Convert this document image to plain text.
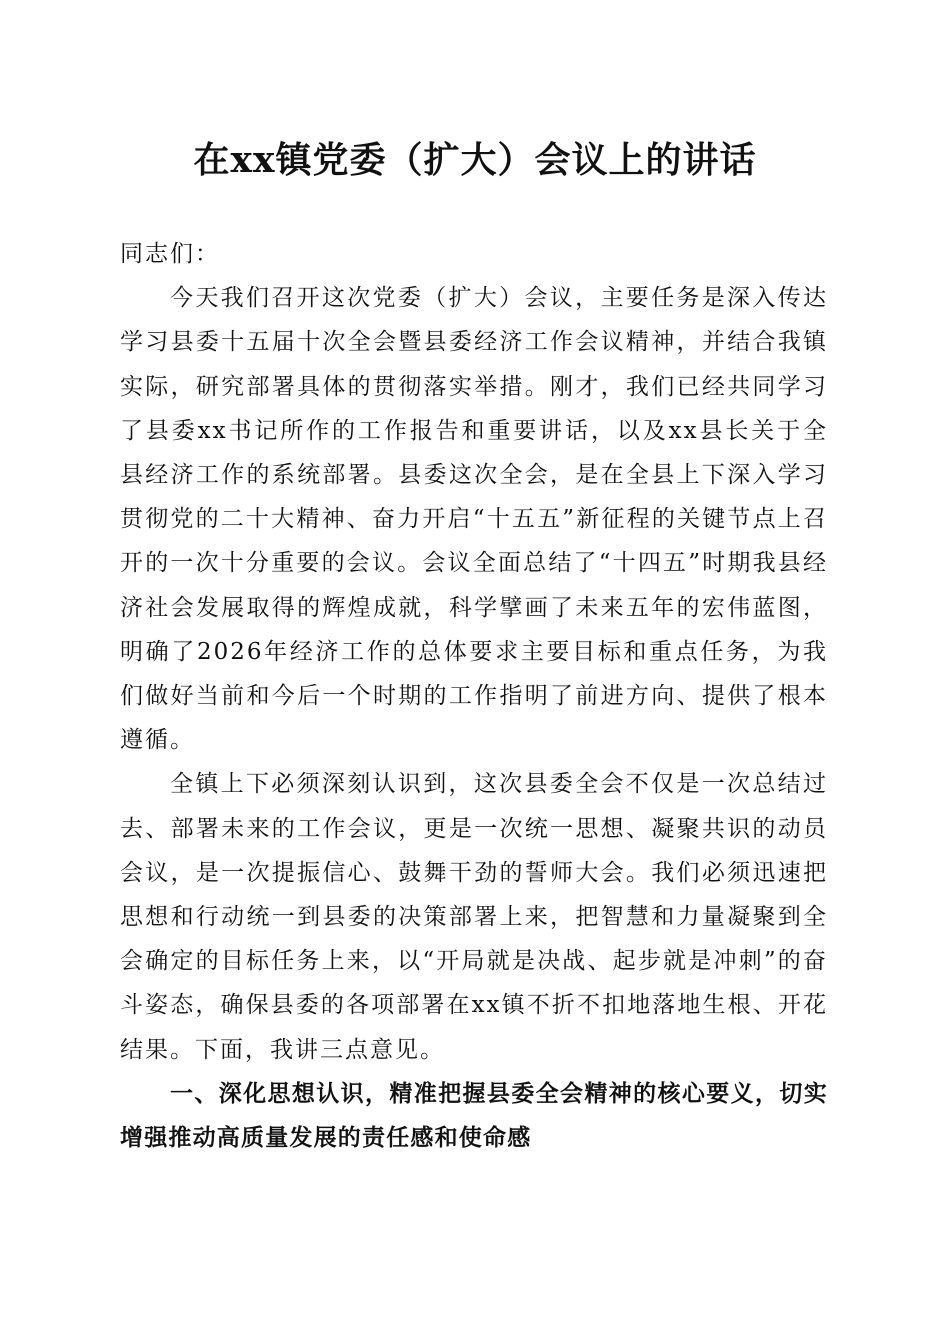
在xx镇党委（扩大）会议上的讲话

同志们：

今天我们召开这次党委（扩大）会议，主要任务是深入传达学习县委十五届十次全会暨县委经济工作会议精神，并结合我镇实际，研究部署具体的贯彻落实举措。刚才，我们已经共同学习了县委xx书记所作的工作报告和重要讲话，以及xx县长关于全县经济工作的系统部署。县委这次全会，是在全县上下深入学习贯彻党的二十大精神、奋力开启“十五五”新征程的关键节点上召开的一次十分重要的会议。会议全面总结了“十四五”时期我县经济社会发展取得的辉煌成就，科学擘画了未来五年的宏伟蓝图，明确了2026年经济工作的总体要求主要目标和重点任务，为我们做好当前和今后一个时期的工作指明了前进方向、提供了根本遵循。

全镇上下必须深刻认识到，这次县委全会不仅是一次总结过去、部署未来的工作会议，更是一次统一思想、凝聚共识的动员会议，是一次提振信心、鼓舞干劲的誓师大会。我们必须迅速把思想和行动统一到县委的决策部署上来，把智慧和力量凝聚到全会确定的目标任务上来，以“开局就是决战、起步就是冲刺”的奋斗姿态，确保县委的各项部署在xx镇不折不扣地落地生根、开花结果。下面，我讲三点意见。

一、深化思想认识，精准把握县委全会精神的核心要义，切实增强推动高质量发展的责任感和使命感
